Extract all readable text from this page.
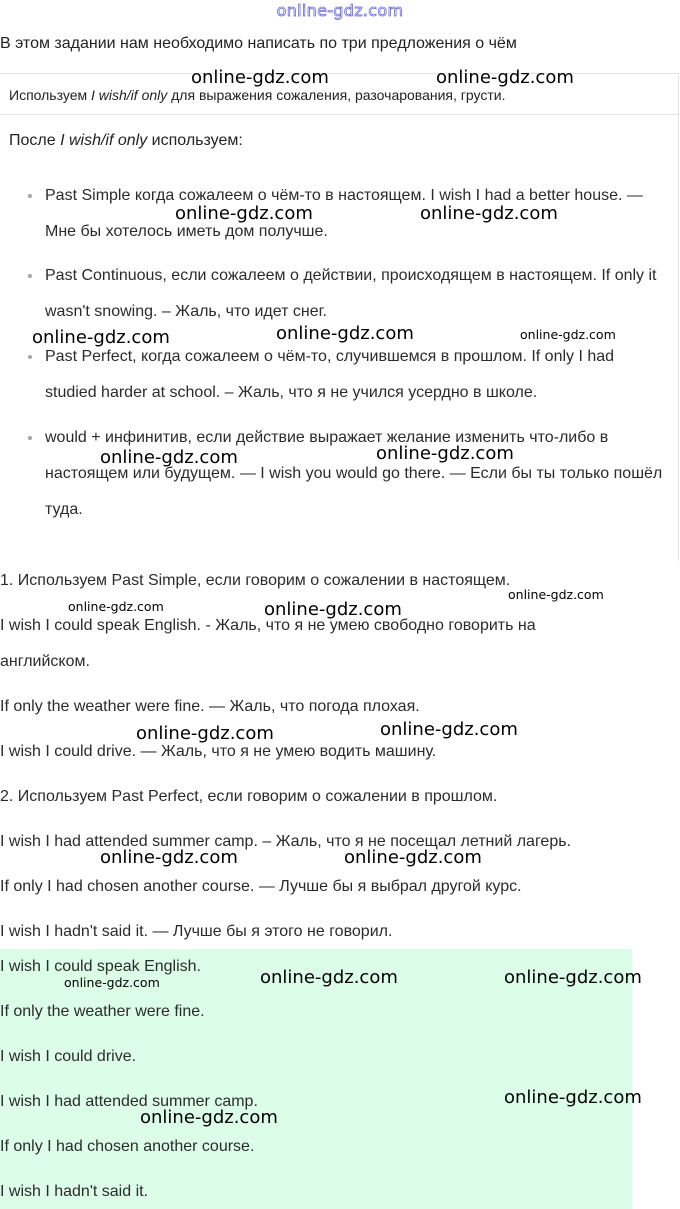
online-gdz.com
В этом задании нам необходимо написать по три предложения о чём
Используем I wish/if only для выражения сожаления, разочарования, грусти.
После I wish/if only используем:
Past Simple когда сожалеем о чём-то в настоящем. I wish I had a better house. — Мне бы хотелось иметь дом получше.
Past Continuous, если сожалеем о действии, происходящем в настоящем. If only it wasn't snowing. – Жаль, что идет снег.
Past Perfect, когда сожалеем о чём-то, случившемся в прошлом. If only I had studied harder at school. – Жаль, что я не учился усердно в школе.
would + инфинитив, если действие выражает желание изменить что-либо в настоящем или будущем. — I wish you would go there. — Если бы ты только пошёл туда.
1. Используем Past Simple, если говорим о сожалении в настоящем.
I wish I could speak English. - Жаль, что я не умею свободно говорить на
английском.
If only the weather were fine. — Жаль, что погода плохая.
I wish I could drive. — Жаль, что я не умею водить машину.
2. Используем Past Perfect, если говорим о сожалении в прошлом.
I wish I had attended summer camp. – Жаль, что я не посещал летний лагерь.
If only I had chosen another course. — Лучше бы я выбрал другой курс.
I wish I hadn't said it. — Лучше бы я этого не говорил.
I wish I could speak English.
If only the weather were fine.
I wish I could drive.
I wish I had attended summer camp.
If only I had chosen another course.
I wish I hadn't said it.
online-gdz.com	online-gdz.com
online-gdz.com	online-gdz.com
online-gdz.com	online-gdz.com	online-gdz.com
online-gdz.com	online-gdz.com
online-gdz.com	online-gdz.com
online-gdz.com
online-gdz.com	online-gdz.com
online-gdz.com	online-gdz.com
online-gdz.com	online-gdz.com	online-gdz.com
online-gdz.com
online-gdz.com
